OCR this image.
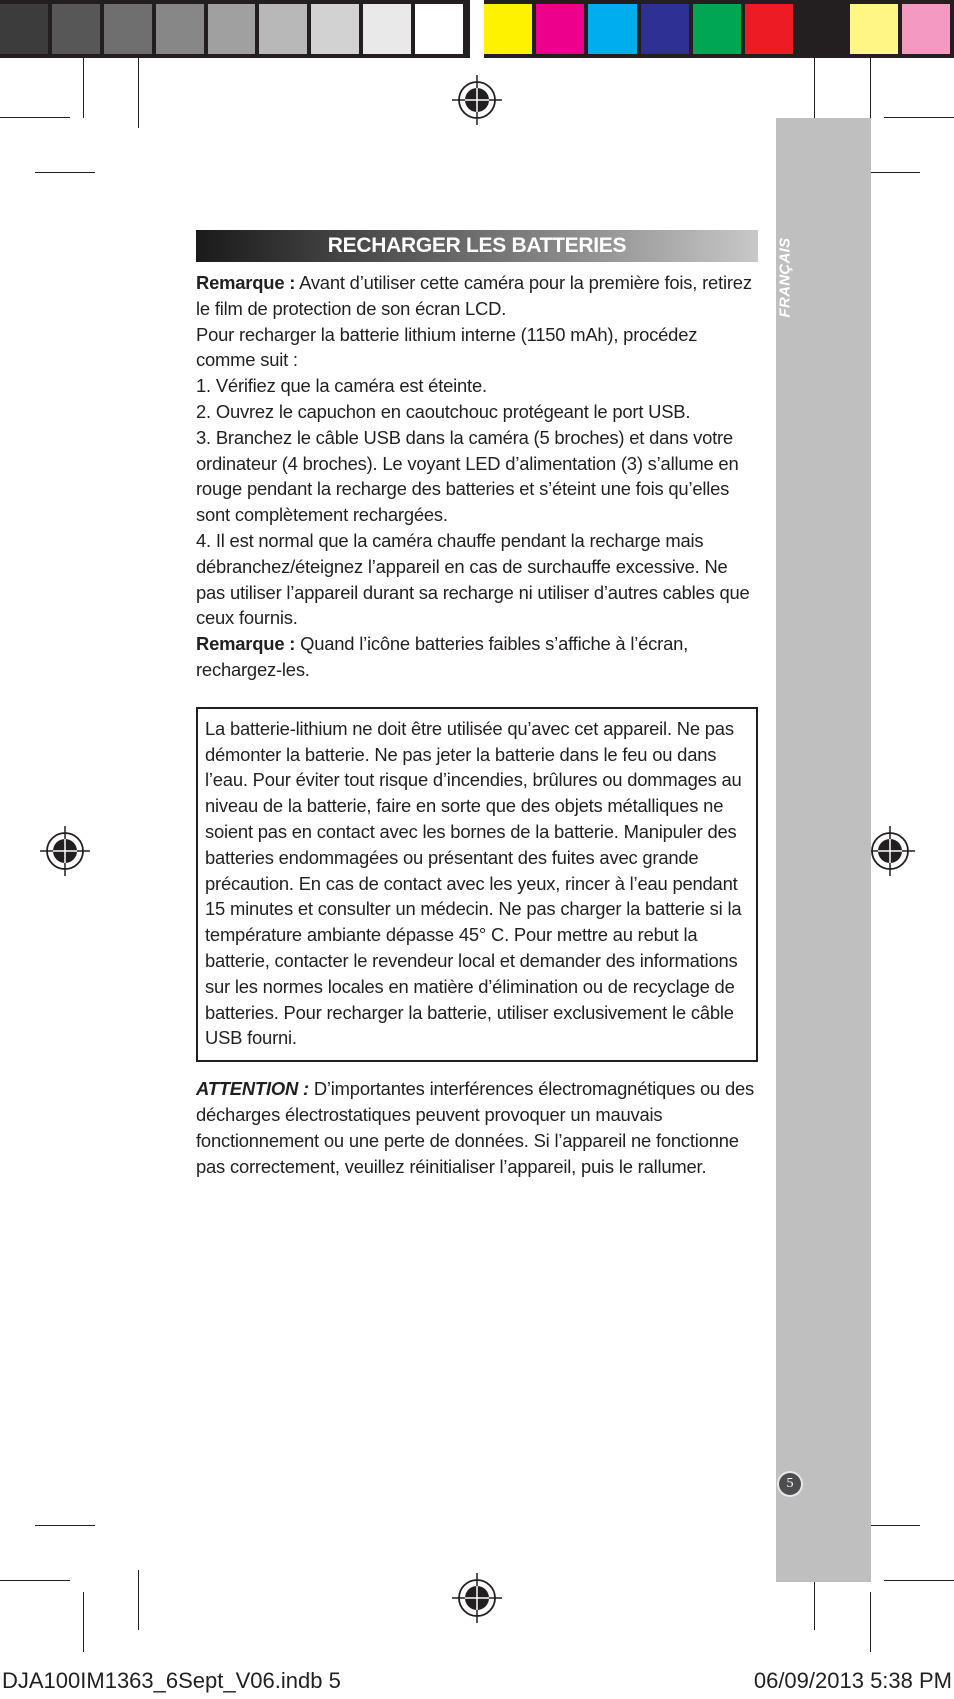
FRANÇAIS
5
RECHARGER LES BATTERIES

Remarque : Avant d’utiliser cette caméra pour la première fois, retirez le film de protection de son écran LCD.

Pour recharger la batterie lithium interne (1150 mAh), procédez comme suit :

1. Vérifiez que la caméra est éteinte.

2. Ouvrez le capuchon en caoutchouc protégeant le port USB.

3. Branchez le câble USB dans la caméra (5 broches) et dans votre ordinateur (4 broches). Le voyant LED d’alimentation (3) s’allume en rouge pendant la recharge des batteries et s’éteint une fois qu’elles sont complètement rechargées.

4. Il est normal que la caméra chauffe pendant la recharge mais débranchez/éteignez l’appareil en cas de surchauffe excessive. Ne pas utiliser l’appareil durant sa recharge ni utiliser d’autres cables que ceux fournis.

Remarque : Quand l’icône batteries faibles s’affiche à l’écran, rechargez-les.

La batterie-lithium ne doit être utilisée qu’avec cet appareil. Ne pas démonter la batterie. Ne pas jeter la batterie dans le feu ou dans l’eau. Pour éviter tout risque d’incendies, brûlures ou dommages au niveau de la batterie, faire en sorte que des objets métalliques ne soient pas en contact avec les bornes de la batterie. Manipuler des batteries endommagées ou présentant des fuites avec grande précaution. En cas de contact avec les yeux, rincer à l’eau pendant 15 minutes et consulter un médecin. Ne pas charger la batterie si la température ambiante dépasse 45° C. Pour mettre au rebut la batterie, contacter le revendeur local et demander des informations sur les normes locales en matière d’élimination ou de recyclage de batteries. Pour recharger la batterie, utiliser exclusivement le câble USB fourni.

ATTENTION : D’importantes interférences électromagnétiques ou des décharges électrostatiques peuvent provoquer un mauvais fonctionnement ou une perte de données. Si l’appareil ne fonctionne pas correctement, veuillez réinitialiser l’appareil, puis le rallumer.

DJA100IM1363_6Sept_V06.indb 5	06/09/2013 5:38 PM
